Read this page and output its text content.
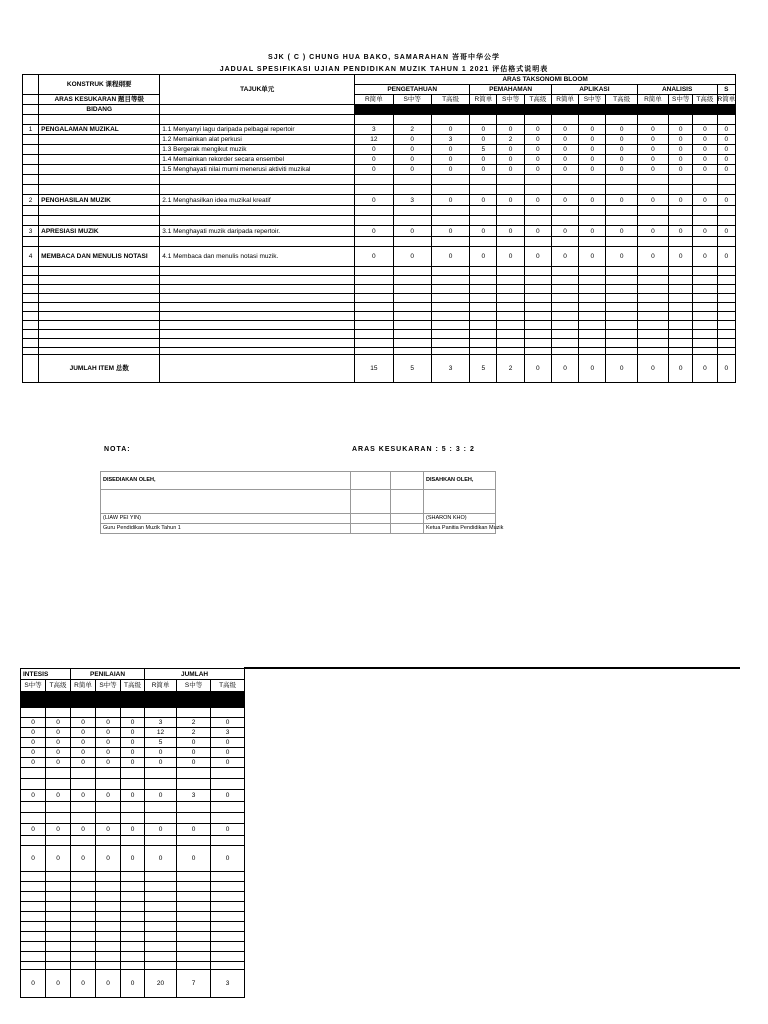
SJK ( C ) CHUNG HUA BAKO, SAMARAHAN 峇哥中华公学
JADUAL SPESIFIKASI UJIAN PENDIDIKAN MUZIK TAHUN 1 2021 评估格式说明表
	KONSTRUK 课程纲要	TAJUK单元	ARAS TAKSONOMI BLOOM												
			PENGETAHUAN			PEMAHAMAN			APLIKASI			ANALISIS			S
	ARAS KESUKARAN 题目等级		R简单	S中等	T高级	R简单	S中等	T高级	R简单	S中等	T高级	R简单	S中等	T高级	R简单
	BIDANG														

1	PENGALAMAN MUZIKAL	1.1 Menyanyi lagu daripada pelbagai repertoir	3	2	0	0	0	0	0	0	0	0	0	0	0
		1.2 Memainkan alat perkusi	12	0	3	0	2	0	0	0	0	0	0	0	0
		1.3 Bergerak mengikut muzik	0	0	0	5	0	0	0	0	0	0	0	0	0
		1.4 Memainkan rekorder secara ensembel	0	0	0	0	0	0	0	0	0	0	0	0	0
		1.5 Menghayati nilai murni menerusi aktiviti muzikal	0	0	0	0	0	0	0	0	0	0	0	0	0

2	PENGHASILAN MUZIK	2.1 Menghasilkan idea muzikal kreatif	0	3	0	0	0	0	0	0	0	0	0	0	0

3	APRESIASI MUZIK	3.1 Menghayati muzik daripada repertoir.	0	0	0	0	0	0	0	0	0	0	0	0	0

4	MEMBACA DAN MENULIS NOTASI	4.1 Membaca dan menulis notasi muzik.	0	0	0	0	0	0	0	0	0	0	0	0	0

	JUMLAH ITEM 总数		15	5	3	5	2	0	0	0	0	0	0	0	0
NOTA:	ARAS KESUKARAN : 5 : 3 : 2
DISEDIAKAN OLEH,			DISAHKAN OLEH,

(LIAW PEI YIN)			(SHARON KHO)
Guru Pendidikan Muzik Tahun 1			Ketua Panitia Pendidikan Muzik
INTESIS		PENILAIAN			JUMLAH		
S中等	T高级	R简单	S中等	T高级	R简单	S中等	T高级

0	0	0	0	0	3	2	0
0	0	0	0	0	12	2	3
0	0	0	0	0	5	0	0
0	0	0	0	0	0	0	0
0	0	0	0	0	0	0	0

0	0	0	0	0	0	3	0

0	0	0	0	0	0	0	0

0	0	0	0	0	0	0	0

0	0	0	0	0	20	7	3
